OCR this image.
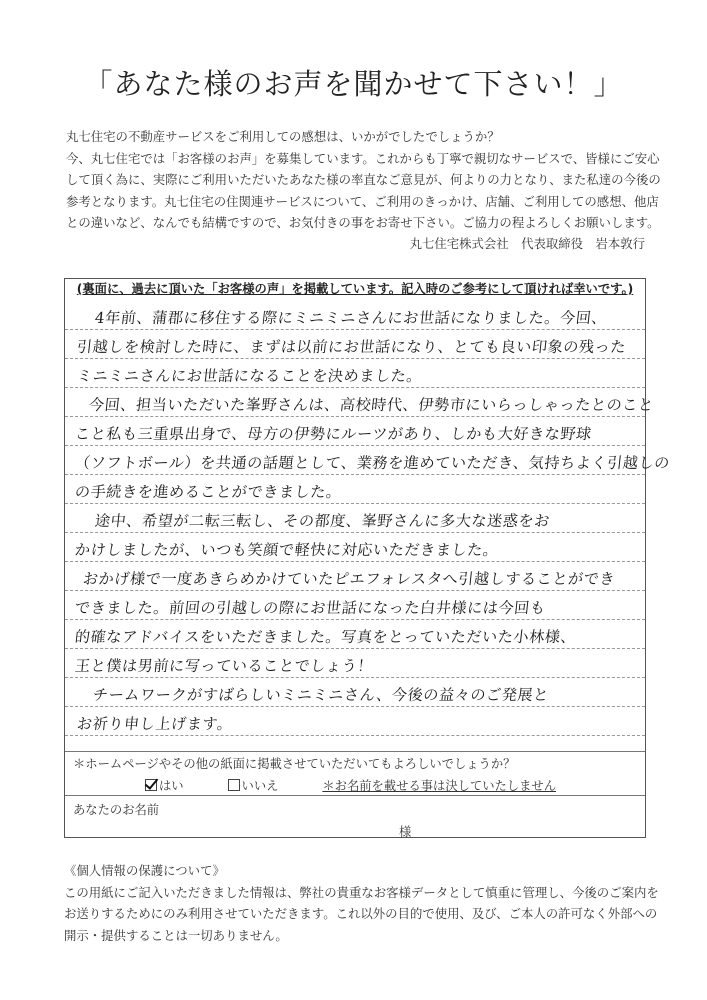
「あなた様のお声を聞かせて下さい！」

丸七住宅の不動産サービスをご利用しての感想は、いかがでしたでしょうか？

今、丸七住宅では「お客様のお声」を募集しています。これからも丁寧で親切なサービスで、皆様にご安心

して頂く為に、実際にご利用いただいたあなた様の率直なご意見が、何よりの力となり、また私達の今後の

参考となります。丸七住宅の住関連サービスについて、ご利用のきっかけ、店舗、ご利用しての感想、他店

との違いなど、なんでも結構ですので、お気付きの事をお寄せ下さい。ご協力の程よろしくお願いします。

丸七住宅株式会社　代表取締役　岩本敦行
(裏面に、過去に頂いた「お客様の声」を掲載しています。記入時のご参考にして頂ければ幸いです。)
4年前、蒲郡に移住する際にミニミニさんにお世話になりました。今回、
引越しを検討した時に、まずは以前にお世話になり、とても良い印象の残った
ミニミニさんにお世話になることを決めました。
今回、担当いただいた峯野さんは、高校時代、伊勢市にいらっしゃったとのこと
こと私も三重県出身で、母方の伊勢にルーツがあり、しかも大好きな野球
（ソフトボール）を共通の話題として、業務を進めていただき、気持ちよく引越しの
の手続きを進めることができました。
途中、希望が二転三転し、その都度、峯野さんに多大な迷惑をお
かけしましたが、いつも笑顔で軽快に対応いただきました。
おかげ様で一度あきらめかけていたピエフォレスタへ引越しすることができ
できました。前回の引越しの際にお世話になった白井様には今回も
的確なアドバイスをいただきました。写真をとっていただいた小林様、
王と僕は男前に写っていることでしょう！
チームワークがすばらしいミニミニさん、今後の益々のご発展と
お祈り申し上げます。
＊ホームページやその他の紙面に掲載させていただいてもよろしいでしょうか？
はい	いいえ	＊お名前を載せる事は決していたしません
あなたのお名前
様

《個人情報の保護について》

この用紙にご記入いただきました情報は、弊社の貴重なお客様データとして慎重に管理し、今後のご案内を

お送りするためにのみ利用させていただきます。これ以外の目的で使用、及び、ご本人の許可なく外部への

開示・提供することは一切ありません。
